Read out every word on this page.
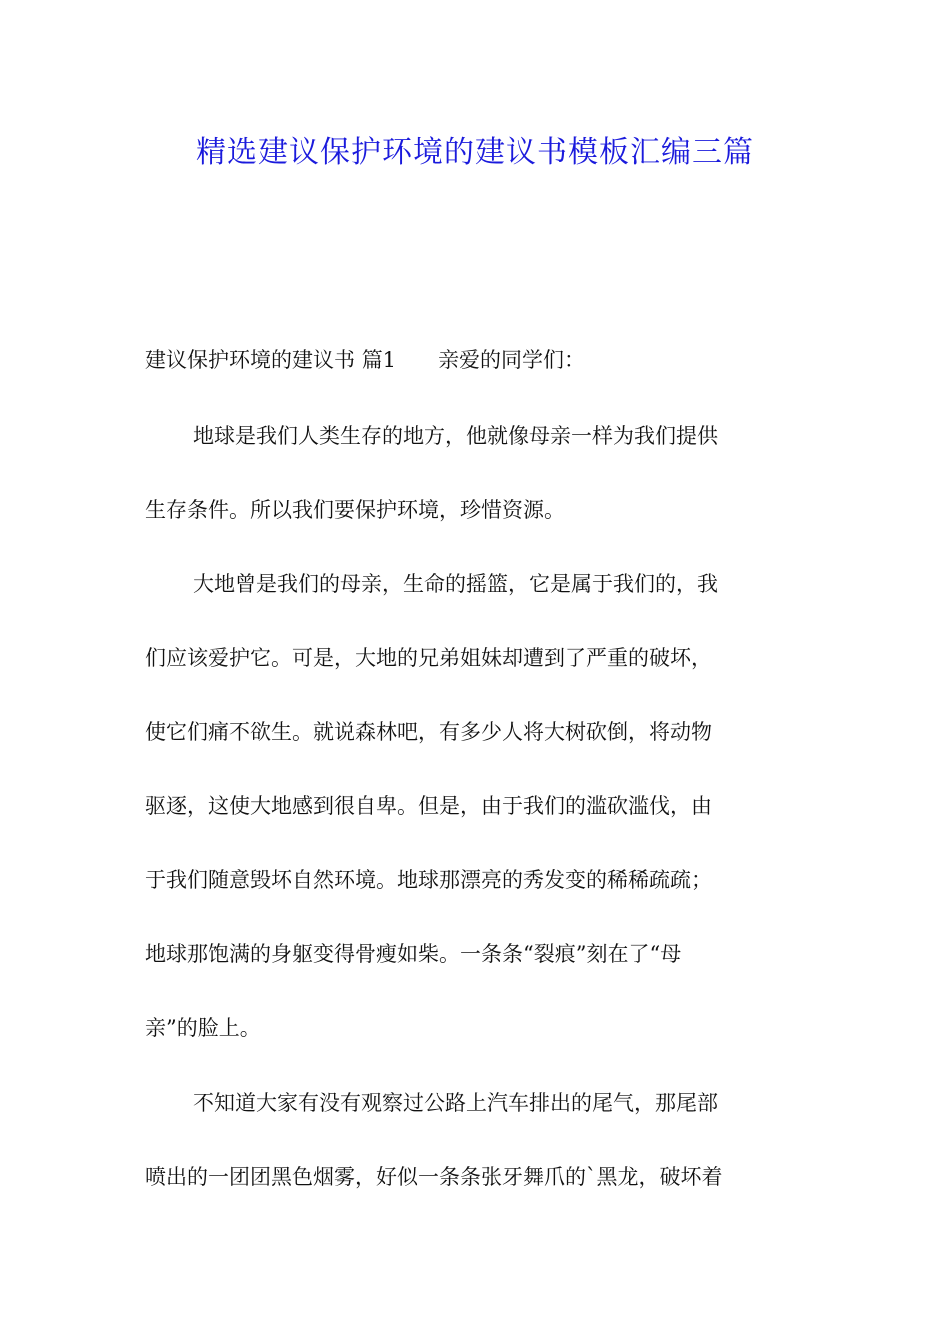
精选建议保护环境的建议书模板汇编三篇
建议保护环境的建议书 篇1 亲爱的同学们：
地球是我们人类生存的地方，他就像母亲一样为我们提供
生存条件。所以我们要保护环境，珍惜资源。
大地曾是我们的母亲，生命的摇篮，它是属于我们的，我
们应该爱护它。可是，大地的兄弟姐妹却遭到了严重的破坏，
使它们痛不欲生。就说森林吧，有多少人将大树砍倒，将动物
驱逐，这使大地感到很自卑。但是，由于我们的滥砍滥伐，由
于我们随意毁坏自然环境。地球那漂亮的秀发变的稀稀疏疏；
地球那饱满的身躯变得骨瘦如柴。一条条“裂痕”刻在了“母
亲”的脸上。
不知道大家有没有观察过公路上汽车排出的尾气，那尾部
喷出的一团团黑色烟雾，好似一条条张牙舞爪的`黑龙，破坏着
